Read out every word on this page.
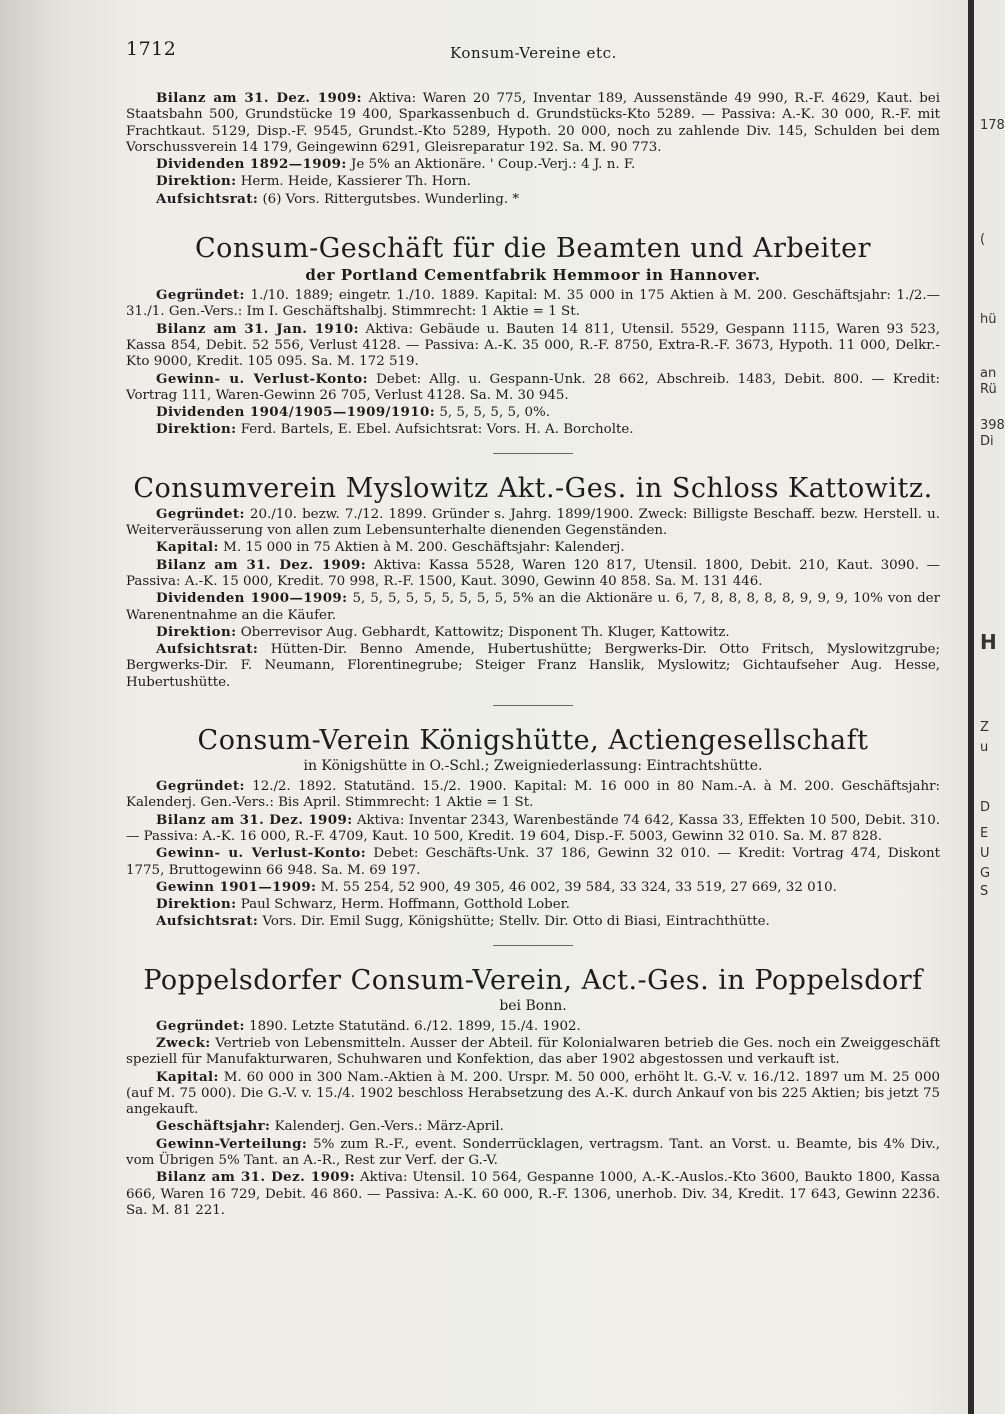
1712	Konsum-Vereine etc.

Bilanz am 31. Dez. 1909: Aktiva: Waren 20 775, Inventar 189, Aussenstände 49 990, R.-F. 4629, Kaut. bei Staatsbahn 500, Grundstücke 19 400, Sparkassenbuch d. Grundstücks-Kto 5289. — Passiva: A.-K. 30 000, R.-F. mit Frachtkaut. 5129, Disp.-F. 9545, Grundst.-Kto 5289, Hypoth. 20 000, noch zu zahlende Div. 145, Schulden bei dem Vorschussverein 14 179, Geingewinn 6291, Gleisreparatur 192. Sa. M. 90 773.

Dividenden 1892—1909: Je 5% an Aktionäre. ' Coup.-Verj.: 4 J. n. F.

Direktion: Herm. Heide, Kassierer Th. Horn.

Aufsichtsrat: (6) Vors. Rittergutsbes. Wunderling. *

Consum-Geschäft für die Beamten und Arbeiter
der Portland Cementfabrik Hemmoor in Hannover.

Gegründet: 1./10. 1889; eingetr. 1./10. 1889. Kapital: M. 35 000 in 175 Aktien à M. 200. Geschäftsjahr: 1./2.—31./1. Gen.-Vers.: Im I. Geschäftshalbj. Stimmrecht: 1 Aktie = 1 St.

Bilanz am 31. Jan. 1910: Aktiva: Gebäude u. Bauten 14 811, Utensil. 5529, Gespann 1115, Waren 93 523, Kassa 854, Debit. 52 556, Verlust 4128. — Passiva: A.-K. 35 000, R.-F. 8750, Extra-R.-F. 3673, Hypoth. 11 000, Delkr.-Kto 9000, Kredit. 105 095. Sa. M. 172 519.

Gewinn- u. Verlust-Konto: Debet: Allg. u. Gespann-Unk. 28 662, Abschreib. 1483, Debit. 800. — Kredit: Vortrag 111, Waren-Gewinn 26 705, Verlust 4128. Sa. M. 30 945.

Dividenden 1904/1905—1909/1910: 5, 5, 5, 5, 5, 0%.

Direktion: Ferd. Bartels, E. Ebel. Aufsichtsrat: Vors. H. A. Borcholte.

Consumverein Myslowitz Akt.-Ges. in Schloss Kattowitz.

Gegründet: 20./10. bezw. 7./12. 1899. Gründer s. Jahrg. 1899/1900. Zweck: Billigste Beschaff. bezw. Herstell. u. Weiterveräusserung von allen zum Lebensunterhalte dienenden Gegenständen.

Kapital: M. 15 000 in 75 Aktien à M. 200. Geschäftsjahr: Kalenderj.

Bilanz am 31. Dez. 1909: Aktiva: Kassa 5528, Waren 120 817, Utensil. 1800, Debit. 210, Kaut. 3090. — Passiva: A.-K. 15 000, Kredit. 70 998, R.-F. 1500, Kaut. 3090, Gewinn 40 858. Sa. M. 131 446.

Dividenden 1900—1909: 5, 5, 5, 5, 5, 5, 5, 5, 5, 5% an die Aktionäre u. 6, 7, 8, 8, 8, 8, 8, 9, 9, 9, 10% von der Warenentnahme an die Käufer.

Direktion: Oberrevisor Aug. Gebhardt, Kattowitz; Disponent Th. Kluger, Kattowitz.

Aufsichtsrat: Hütten-Dir. Benno Amende, Hubertushütte; Bergwerks-Dir. Otto Fritsch, Myslowitzgrube; Bergwerks-Dir. F. Neumann, Florentinegrube; Steiger Franz Hanslik, Myslowitz; Gichtaufseher Aug. Hesse, Hubertushütte.

Consum-Verein Königshütte, Actiengesellschaft
in Königshütte in O.-Schl.; Zweigniederlassung: Eintrachtshütte.

Gegründet: 12./2. 1892. Statutänd. 15./2. 1900. Kapital: M. 16 000 in 80 Nam.-A. à M. 200. Geschäftsjahr: Kalenderj. Gen.-Vers.: Bis April. Stimmrecht: 1 Aktie = 1 St.

Bilanz am 31. Dez. 1909: Aktiva: Inventar 2343, Warenbestände 74 642, Kassa 33, Effekten 10 500, Debit. 310. — Passiva: A.-K. 16 000, R.-F. 4709, Kaut. 10 500, Kredit. 19 604, Disp.-F. 5003, Gewinn 32 010. Sa. M. 87 828.

Gewinn- u. Verlust-Konto: Debet: Geschäfts-Unk. 37 186, Gewinn 32 010. — Kredit: Vortrag 474, Diskont 1775, Bruttogewinn 66 948. Sa. M. 69 197.

Gewinn 1901—1909: M. 55 254, 52 900, 49 305, 46 002, 39 584, 33 324, 33 519, 27 669, 32 010.

Direktion: Paul Schwarz, Herm. Hoffmann, Gotthold Lober.

Aufsichtsrat: Vors. Dir. Emil Sugg, Königshütte; Stellv. Dir. Otto di Biasi, Eintrachthütte.

Poppelsdorfer Consum-Verein, Act.-Ges. in Poppelsdorf
bei Bonn.

Gegründet: 1890. Letzte Statutänd. 6./12. 1899, 15./4. 1902.

Zweck: Vertrieb von Lebensmitteln. Ausser der Abteil. für Kolonialwaren betrieb die Ges. noch ein Zweiggeschäft speziell für Manufakturwaren, Schuhwaren und Konfektion, das aber 1902 abgestossen und verkauft ist.

Kapital: M. 60 000 in 300 Nam.-Aktien à M. 200. Urspr. M. 50 000, erhöht lt. G.-V. v. 16./12. 1897 um M. 25 000 (auf M. 75 000). Die G.-V. v. 15./4. 1902 beschloss Herabsetzung des A.-K. durch Ankauf von bis 225 Aktien; bis jetzt 75 angekauft.

Geschäftsjahr: Kalenderj. Gen.-Vers.: März-April.

Gewinn-Verteilung: 5% zum R.-F., event. Sonderrücklagen, vertragsm. Tant. an Vorst. u. Beamte, bis 4% Div., vom Übrigen 5% Tant. an A.-R., Rest zur Verf. der G.-V.

Bilanz am 31. Dez. 1909: Aktiva: Utensil. 10 564, Gespanne 1000, A.-K.-Auslos.-Kto 3600, Baukto 1800, Kassa 666, Waren 16 729, Debit. 46 860. — Passiva: A.-K. 60 000, R.-F. 1306, unerhob. Div. 34, Kredit. 17 643, Gewinn 2236. Sa. M. 81 221.

178
(
hü
an
Rü
398
Di
H
Z
u
D
E
U
G
S
